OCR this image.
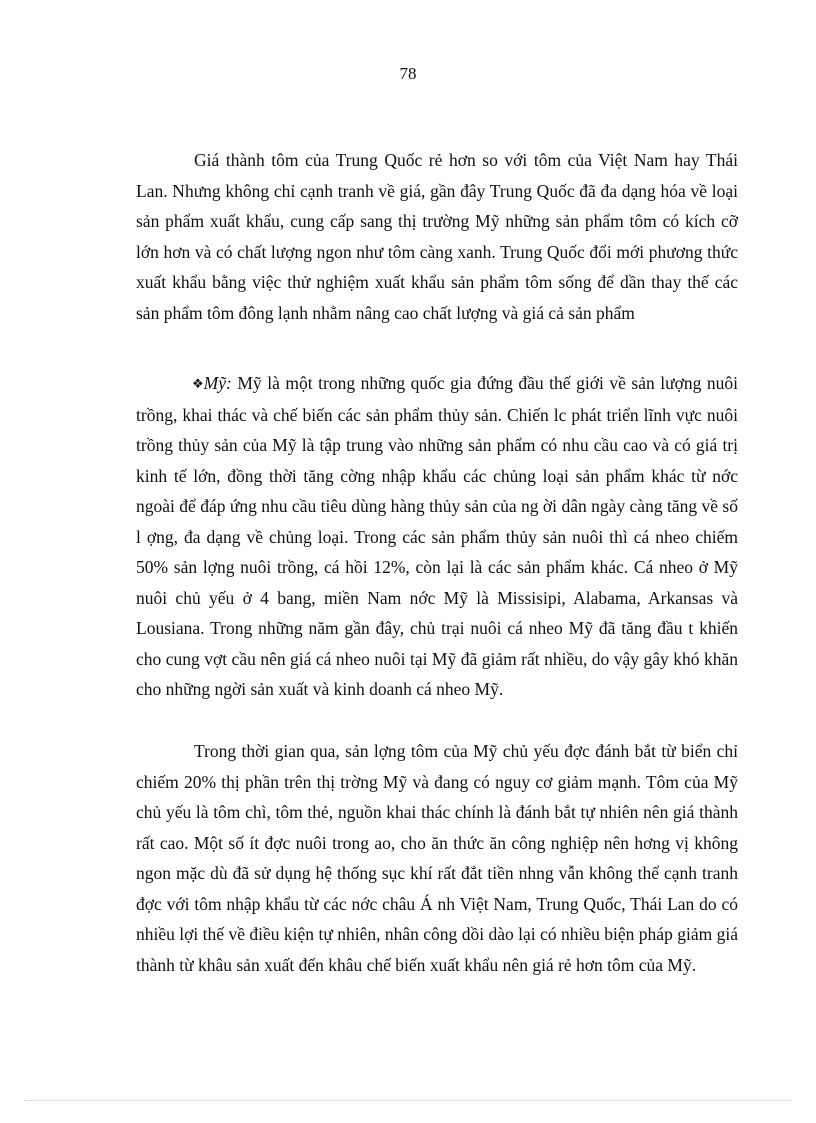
78
Giá thành tôm của Trung Quốc rẻ hơn so với tôm của Việt Nam hay Thái Lan. Nhưng không chỉ cạnh tranh về giá, gần đây Trung Quốc đã đa dạng hóa về loại sản phẩm xuất khẩu, cung cấp sang thị trường Mỹ những sản phẩm tôm có kích cỡ lớn hơn và có chất lượng ngon như tôm càng xanh. Trung Quốc đổi mới phương thức xuất khẩu bằng việc thử nghiệm xuất khẩu sản phẩm tôm sống để dần thay thế các sản phẩm tôm đông lạnh nhằm nâng cao chất lượng và giá cả sản phẩm
❖Mỹ: Mỹ là một trong những quốc gia đứng đầu thế giới về sản lượng nuôi trồng, khai thác và chế biến các sản phẩm thủy sản. Chiến lc phát triển lĩnh vực nuôi trồng thủy sản của Mỹ là tập trung vào những sản phẩm có nhu cầu cao và có giá trị kinh tế lớn, đồng thời tăng cờng nhập khẩu các chủng loại sản phẩm khác từ nớc ngoài để đáp ứng nhu cầu tiêu dùng hàng thủy sản của ng ời dân ngày càng tăng về số l ợng, đa dạng về chủng loại. Trong các sản phẩm thủy sản nuôi thì cá nheo chiếm 50% sản lợng nuôi trồng, cá hồi 12%, còn lại là các sản phẩm khác. Cá nheo ở Mỹ nuôi chủ yếu ở 4 bang, miền Nam nớc Mỹ là Missisipi, Alabama, Arkansas và Lousiana. Trong những năm gần đây, chủ trại nuôi cá nheo Mỹ đã tăng đầu t khiến cho cung vợt cầu nên giá cá nheo nuôi tại Mỹ đã giảm rất nhiều, do vậy gây khó khăn cho những ngời sản xuất và kinh doanh cá nheo Mỹ.
Trong thời gian qua, sản lợng tôm của Mỹ chủ yếu đợc đánh bắt từ biển chỉ chiếm 20% thị phần trên thị trờng Mỹ và đang có nguy cơ giảm mạnh. Tôm của Mỹ chủ yếu là tôm chì, tôm thẻ, nguồn khai thác chính là đánh bắt tự nhiên nên giá thành rất cao. Một số ít đợc nuôi trong ao, cho ăn thức ăn công nghiệp nên hơng vị không ngon mặc dù đã sử dụng hệ thống sục khí rất đắt tiền nhng vẫn không thể cạnh tranh đợc với tôm nhập khẩu từ các nớc châu Á nh Việt Nam, Trung Quốc, Thái Lan do có nhiều lợi thế về điều kiện tự nhiên, nhân công dồi dào lại có nhiều biện pháp giảm giá thành từ khâu sản xuất đến khâu chế biến xuất khẩu nên giá rẻ hơn tôm của Mỹ.
